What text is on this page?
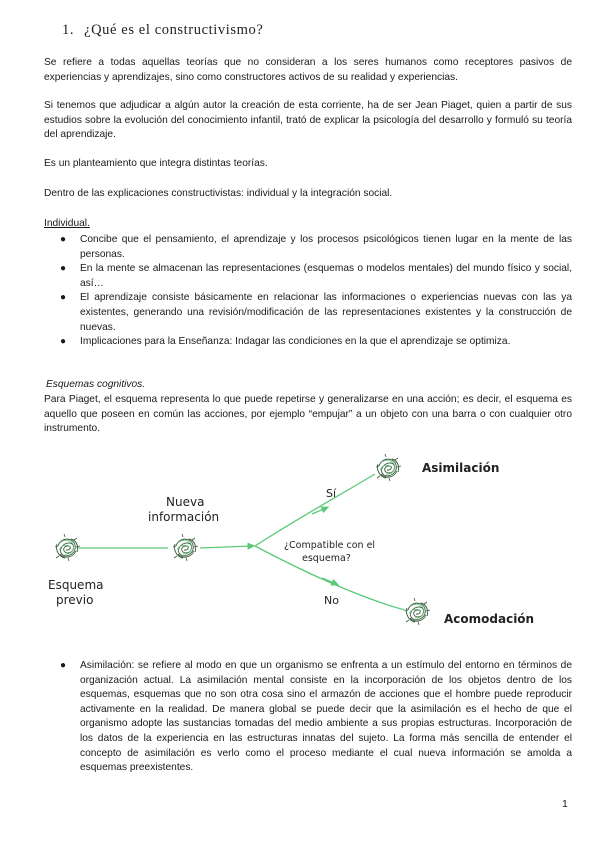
1. ¿Qué es el constructivismo?
Se refiere a todas aquellas teorías que no consideran a los seres humanos como receptores pasivos de experiencias y aprendizajes, sino como constructores activos de su realidad y experiencias.
Si tenemos que adjudicar a algún autor la creación de esta corriente, ha de ser Jean Piaget, quien a partir de sus estudios sobre la evolución del conocimiento infantil, trató de explicar la psicología del desarrollo y formuló su teoría del aprendizaje.
Es un planteamiento que integra distintas teorías.
Dentro de las explicaciones constructivistas: individual y la integración social.
Individual.
● Concibe que el pensamiento, el aprendizaje y los procesos psicológicos tienen lugar en la mente de las personas.
● En la mente se almacenan las representaciones (esquemas o modelos mentales) del mundo físico y social, así…
● El aprendizaje consiste básicamente en relacionar las informaciones o experiencias nuevas con las ya existentes, generando una revisión/modificación de las representaciones existentes y la construcción de nuevas.
● Implicaciones para la Enseñanza: Indagar las condiciones en la que el aprendizaje se optimiza.
Esquemas cognitivos.
Para Piaget, el esquema representa lo que puede repetirse y generalizarse en una acción; es decir, el esquema es aquello que poseen en común las acciones, por ejemplo “empujar” a un objeto con una barra o con cualquier otro instrumento.
Esquema
previo
Nueva
información
¿Compatible con el
esquema?
Sí
No
Asimilación
Acomodación
● Asimilación: se refiere al modo en que un organismo se enfrenta a un estímulo del entorno en términos de organización actual. La asimilación mental consiste en la incorporación de los objetos dentro de los esquemas, esquemas que no son otra cosa sino el armazón de acciones que el hombre puede reproducir activamente en la realidad. De manera global se puede decir que la asimilación es el hecho de que el organismo adopte las sustancias tomadas del medio ambiente a sus propias estructuras. Incorporación de los datos de la experiencia en las estructuras innatas del sujeto. La forma más sencilla de entender el concepto de asimilación es verlo como el proceso mediante el cual nueva información se amolda a esquemas preexistentes.
1
